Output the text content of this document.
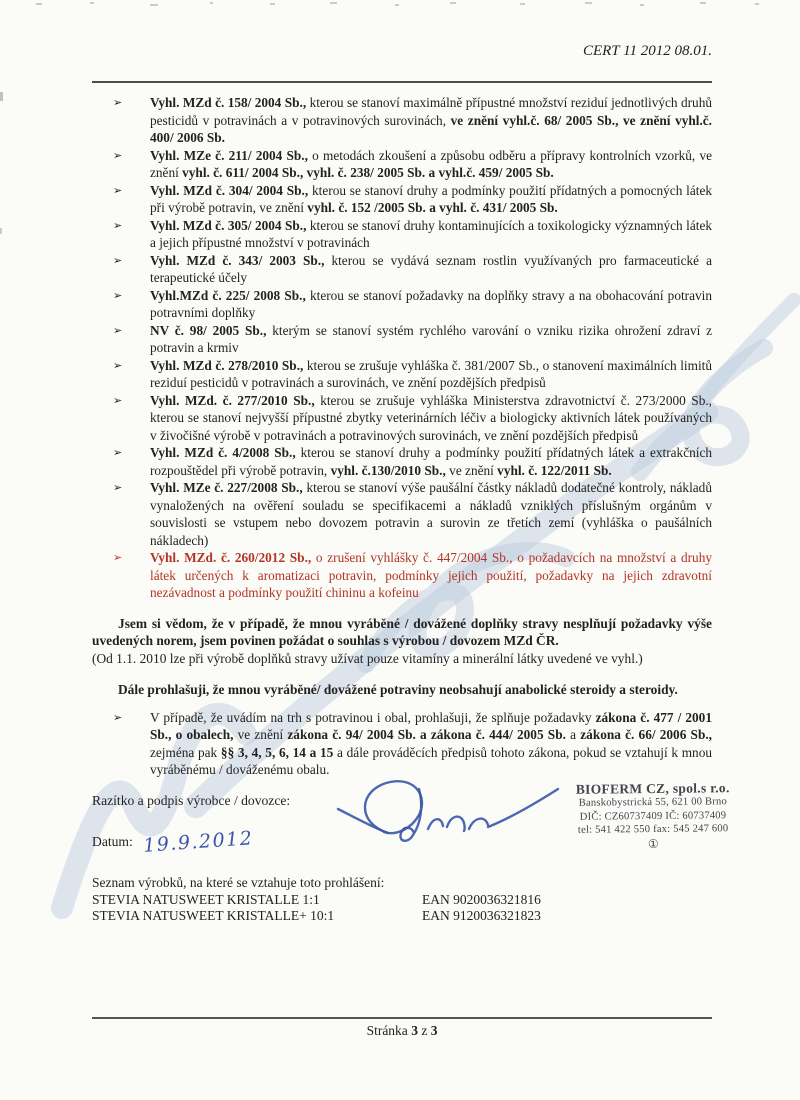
CERT 11 2012 08.01.
➢ Vyhl. MZd č. 158/ 2004 Sb., kterou se stanoví maximálně přípustné množství reziduí jednotlivých druhů pesticidů v potravinách a v potravinových surovinách, ve znění vyhl.č. 68/ 2005 Sb., ve znění vyhl.č. 400/ 2006 Sb.
➢ Vyhl. MZe č. 211/ 2004 Sb., o metodách zkoušení a způsobu odběru a přípravy kontrolních vzorků, ve znění vyhl. č. 611/ 2004 Sb., vyhl. č. 238/ 2005 Sb. a vyhl.č. 459/ 2005 Sb.
➢ Vyhl. MZd č. 304/ 2004 Sb., kterou se stanoví druhy a podmínky použití přídatných a pomocných látek při výrobě potravin, ve znění vyhl. č. 152 /2005 Sb. a vyhl. č. 431/ 2005 Sb.
➢ Vyhl. MZd č. 305/ 2004 Sb., kterou se stanoví druhy kontaminujících a toxikologicky významných látek a jejich přípustné množství v potravinách
➢ Vyhl. MZd č. 343/ 2003 Sb., kterou se vydává seznam rostlin využívaných pro farmaceutické a terapeutické účely
➢ Vyhl.MZd č. 225/ 2008 Sb., kterou se stanoví požadavky na doplňky stravy a na obohacování potravin potravními doplňky
➢ NV č. 98/ 2005 Sb., kterým se stanoví systém rychlého varování o vzniku rizika ohrožení zdraví z potravin a krmiv
➢ Vyhl. MZd č. 278/2010 Sb., kterou se zrušuje vyhláška č. 381/2007 Sb., o stanovení maximálních limitů reziduí pesticidů v potravinách a surovinách, ve znění pozdějších předpisů
➢ Vyhl. MZd. č. 277/2010 Sb., kterou se zrušuje vyhláška Ministerstva zdravotnictví č. 273/2000 Sb., kterou se stanoví nejvyšší přípustné zbytky veterinárních léčiv a biologicky aktivních látek používaných v živočišné výrobě v potravinách a potravinových surovinách, ve znění pozdějších předpisů
➢ Vyhl. MZd č. 4/2008 Sb., kterou se stanoví druhy a podmínky použití přídatných látek a extrakčních rozpouštědel při výrobě potravin, vyhl. č.130/2010 Sb., ve znění vyhl. č. 122/2011 Sb.
➢ Vyhl. MZe č. 227/2008 Sb., kterou se stanoví výše paušální částky nákladů dodatečné kontroly, nákladů vynaložených na ověření souladu se specifikacemi a nákladů vzniklých příslušným orgánům v souvislosti se vstupem nebo dovozem potravin a surovin ze třetích zemí (vyhláška o paušálních nákladech)
➢ Vyhl. MZd. č. 260/2012 Sb., o zrušení vyhlášky č. 447/2004 Sb., o požadavcích na množství a druhy látek určených k aromatizaci potravin, podmínky jejich použití, požadavky na jejich zdravotní nezávadnost a podmínky použití chininu a kofeinu

Jsem si vědom, že v případě, že mnou vyráběné / dovážené doplňky stravy nesplňují požadavky výše uvedených norem, jsem povinen požádat o souhlas s výrobou / dovozem MZd ČR.

(Od 1.1. 2010 lze při výrobě doplňků stravy užívat pouze vitamíny a minerální látky uvedené ve vyhl.)

Dále prohlašuji, že mnou vyráběné/ dovážené potraviny neobsahují anabolické steroidy a steroidy.

➢ V případě, že uvádím na trh s potravinou i obal, prohlašuji, že splňuje požadavky zákona č. 477 / 2001 Sb., o obalech, ve znění zákona č. 94/ 2004 Sb. a zákona č. 444/ 2005 Sb. a zákona č. 66/ 2006 Sb., zejména pak §§ 3, 4, 5, 6, 14 a 15 a dále prováděcích předpisů tohoto zákona, pokud se vztahují k mnou vyráběnému / dováženému obalu.
Razítko a podpis výrobce / dovozce:
Datum: 19.9.2012
BIOFERM CZ, spol.s r.o.
Banskobystrická 55, 621 00 Brno
DIČ: CZ60737409 IČ: 60737409
tel: 541 422 550 fax: 545 247 600
①
Seznam výrobků, na které se vztahuje toto prohlášení:
STEVIA NATUSWEET KRISTALLE 1:1	EAN 9020036321816
STEVIA NATUSWEET KRISTALLE+ 10:1	EAN 9120036321823
Stránka 3 z 3
